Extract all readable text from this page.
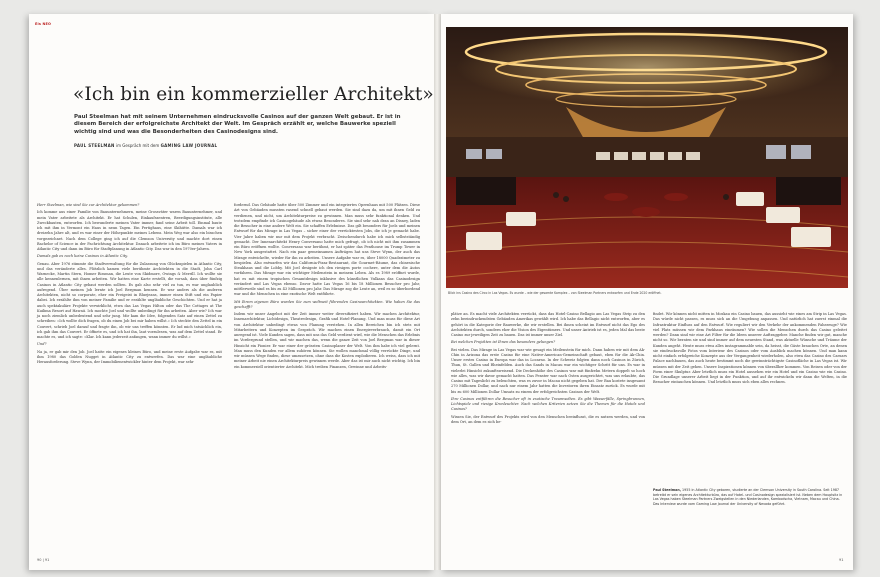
Eis NEO
«Ich bin ein kommerzieller Architekt»

Paul Steelman hat mit seinem Unternehmen eindrucksvolle Casinos auf der ganzen Welt gebaut. Er ist in diesem Bereich der erfolgreichste Architekt der Welt. Im Gespräch erzählt er, welche Bauwerke speziell wichtig sind und was die Besonderheiten des Casinodesigns sind.

PAUL STEELMAN im Gespräch mit dem GAMING LAW JOURNAL

Herr Steelman, wie sind Sie zur Architektur gekommen?

Ich komme aus einer Familie von Bauunternehmern, meine Grossväter waren Bauunternehmer, und mein Vater arbeitete als Architekt. Er hat Schulen, Einkaufszentren, Beerdigungsinstitute, alle Zweckbauten, entworfen. Ich bewunderte meinen Vater immer, fand seine Arbeit toll. Einmal baute ich mit ihm in Vermont ein Haus in neun Tagen. Ein Fertighaus, eine Skihütte. Damals war ich dreizehn Jahre alt, und es war einer der Höhepunkte meines Lebens. Mein Weg war also ein bisschen vorgezeichnet. Nach dem College ging ich auf die Clemson University und machte dort einen Bachelor of Science in der Fachrichtung Architektur. Danach arbeitete ich im Büro meines Vaters in Atlantic City und dann im Büro für Stadtplanung in Atlantic City. Das war in den 1970er-Jahren.

Damals gab es noch keine Casinos in Atlantic City.

Genau. Aber 1976 stimmte die Stadtverwaltung für die Zulassung von Glücksspielen in Atlantic City, und das veränderte alles. Plötzlich kamen viele berühmte Architekten in die Stadt, John Carl Warnecke, Martin Stern, Homer Rissman, die Leute von Skidmore, Owings & Merrill. Ich wollte sie alle kennenlernen, mit ihnen arbeiten. Wir hatten eine Karte erstellt, die vorsah, dass über fünfzig Casinos in Atlantic City gebaut werden sollten. Es gab also sehr viel zu tun, es war unglaublich aufregend. Über meinen Job lernte ich Joel Bergman kennen. Er war anders als die anderen Architekten, nicht so corporate, eher ein Freigeist in Bluejeans, immer einen Stift und ein Papier dabei. Ich erzählte ihm von meiner Familie und er erzählte ungläubliche Geschichten. Und er hat ja auch spektakuläre Projekte verwirklicht, etwa das Las Vegas Hilton oder das The Cottages at The Kuilima Resort auf Hawaii. Ich mochte Joel und wollte unbedingt für ihn arbeiten. Aber wie? Ich war ja noch ziemlich unbedeutend und sehr jung. Mir kam die Idee, folgenden Satz auf einen Zettel zu schreiben: «Ich wollte dich fragen, ob du einen Job bei mir haben willst.» Ich steckte den Zettel in ein Couvert, schrieb Joel darauf und fragte ihn, ob wir uns treffen könnten. Er lud mich tatsächlich ein, ich gab ihm das Couvert. Er öffnete es, und ich hat ihn, laut vorzulesen, was auf dem Zettel stand. Er machte es, und ich sagte: «Klar. Ich kann jederzeit anfangen, wann immer du willst.»

Und?

Na ja, er gab mir den Job. Joel hatte ein eigenes kleines Büro, und meine erste Aufgabe war es, mit ihm 1980 das Golden Nugget in Atlantic City zu entwerfen. Das war eine ungläubliche Herausforderung. Steve Wynn, der Immobilienentwickler hinter dem Projekt, war sehr

fordernd. Das Gebäude hatte über 500 Zimmer und ein integriertes Opernhaus mit 500 Plätzen. Diese Art von Gebäuden mussten rasend schnell gebaut werden. Sie sind dazu da, um mit ihnen Geld zu verdienen, und nicht, um Architekturpreise zu gewinnen. Man muss sehr funktional denken. Und trotzdem empfinde ich Casinogebäude als etwas Besonderes. Sie sind sehr nah dran an Disney, laden die Besucher in eine andere Welt ein. Sie schaffen Erlebnisse. Das gilt besonders für Joels und meinen Entwurf für das Mirage in Las Vegas – sicher einer der verrücktesten Jobs, die ich je gemacht habe. Vier Jahre haben wir nur mit dem Projekt verbracht. Zwischendurch habe ich mich selbstständig gemacht. Der Innenarchitekt Henry Conversano hatte mich gefragt, ob ich nicht mit ihm zusammen ein Büro eröffnen wollte. Conversano war berühmt, er hat später das Penthouse im Trump Tower in New York ausgestattet. Nach ein paar gemeinsamen Aufträgen hat uns Steve Wynn, der auch das Mirage entwickelte, wieder für ihn zu arbeiten. Unsere Aufgabe war es, über 18000 Quadratmeter zu bespielen. Also entwarfen wir das California-Pizza-Restaurant, die Gourmet-Räume, das chinesische Steakhaus und die Lobby. Mit Joel designte ich den riesigen porte cochere, unter dem die Autos vorfahren. Das Mirage war ein wichtiger Meilenstein in meinem Leben. Als es 1989 eröffnet wurde, hat es mit einem tropischen Gesamtdesign inklusive des künstlichen Vulkans das Casinodesign verändert und Las Vegas ebenso. Davor hatte Las Vegas 16 bis 18 Millionen Besucher pro Jahr, mittlerweile sind es bis zu 43 Millionen pro Jahr. Das Mirage zog die Leute an, weil es so überbordend war und die Menschen in eine exotische Welt entführte.

Mit Ihrem eigenen Büro wurden Sie zum weltweit führenden Casinoarchitekten. Wie haben Sie das geschafft?

Indem wir unser Angebot mit der Zeit immer weiter diversifiziert haben. Wir machen Architektur, Innenarchitektur, Lichtdesign, Theatredesign, Grafik und Hotel-Planung. Und man muss für diese Art von Architektur unbedingt etwas von Planung verstehen. In allen Bereichen bin ich stets mit Mitarbeitern und Konzepten im Gespräch. Wir machen einen Energieverbrauch, damit ein Ort anregend ist. Viele Kunden sagen, dass mit uns das Geld verdient wird, wie die Menschen das Erlebnis im Vordergrund stellen, und wir machen das, wenn die ganze Zeit von Joel Bergman war in dieser Hinsicht ein Pionier. Er war einer der grössten Casinoplaner der Welt. Von ihm habe ich viel gelernt. Man muss den Kunden vor allem zuhören können. Sie wollen manchmal völlig verrückte Dinge, und wir müssen Wege finden, diese umzusetzen, ohne dass die Kosten explodieren. Ich weiss, dass ich mit meiner Arbeit nie einen Architekturpreis gewinnen werde. Aber das ist mir auch nicht wichtig. Ich bin ein kommerziell orientierter Architekt. Mich treiben Finanzen, Gewinne und Arbeits-

90 | 91
Blick ins Casino des Circo in Las Vegas. Es wurde – wie der gesamte Komplex – von Steelman Partners entworfen und Ende 2020 eröffnet.

plätze an. Es macht viele Architekten verrückt, dass das Hotel-Casino Bellagio am Las Vegas Strip zu den zehn beeindruckendsten Gebäuden Amerikas gewählt wird. Ich habe das Bellagio nicht entworfen, aber es gehört in die Kategorie der Bauwerke, die wir erstellen. Bei ihnen scheint im Entwurf nicht das Ego des Architekten durch, sondern eher die Vision des Eigentümers. Und unser Antrieb ist es, jeden Mal das beste Casino zur jeweiligen Zeit zu bauen. Das ist immer unser Ziel.

Bei welchen Projekten ist Ihnen das besonders gelungen?

Bei vielen. Das Mirage in Las Vegas war wie gesagt ein Meilenstein für mich. Dann haben wir mit dem Ak-Chin in Arizona das erste Casino für eine Native-American-Gemeinschaft gebaut, eben für die Ak-Chin. Unser erstes Casino in Europa war das in Locarno. In der Schweiz folgten dann noch Casinos in Zürich, Thun, St. Gallen und Rheinfelden. Auch das Sands in Macau war ein wichtiger Schritt für uns. Es war in vielerlei Hinsicht zukunftsweisend. Die Deckenhöhe des Casinos war mit fünfzehn Metern doppelt so hoch wie alles, was wir davor gemacht hatten. Das Fenster war nach Osten ausgerichtet, was uns erlaubte, das Casino mit Tageslicht zu beleuchten, was es zuvor in Macau nicht gegeben hat. Der Bau kostete insgesamt 270 Millionen Dollar, und nach nur einem Jahr hatten die Investoren ihren Einsatz zurück. Es wurde mit bis zu 600 Millionen Dollar Umsatz zu einem der erfolgreichsten Casinos der Welt.

Ihre Casinos entführen die Besucher oft in exotische Traumwelten. Es gibt Wasserfälle, Springbrunnen, Lichtspiele und riesige Kronleuchter. Nach welchen Kriterien setzen Sie die Themen für die Hotels und Casinos?

Wissen Sie, der Entwurf des Projekts wird von den Menschen beeinflusst, die es nutzen werden, und von dem Ort, an dem es sich be-

findet. Wir können nicht mitten in Moskau ein Casino bauen, das aussieht wie eines am Strip in Las Vegas. Das würde nicht passen, es muss sich an die Umgebung anpassen. Und natürlich hat zuerst einmal die Infrastruktur Einfluss auf den Entwurf. Wie reguliert wir den Verkehr der ankommenden Fahrzeuge? Wie viel Platz müssen wir dem Parkhaus einräumen? Wie sollen die Menschen durch das Casino geleitet werden? Dann sind wir eine Art Filter für die Ideen unserer Auftraggeber. Manche finden wir gut, manche nicht so. Wir beraten sie und sind immer auf dem neuesten Stand, was aktuelle Wünsche und Träume der Kunden angeht. Heute muss etwa alles instagrammable sein, da heisst, die Gäste brauchen Orte, an denen sie eindrucksvolle Fotos vom Interieur des Casinos oder vom Ausblick machen können. Und man kann nicht einfach erfolgreiche Konzepte aus der Vergangenheit wiederholen, also etwa das Casino des Caesars Palace nachbauen, das auch heute bestimmt noch die gewinnträchtigste Casinofläche in Las Vegas ist. Wir müssen mit der Zeit gehen. Unsere Inspirationen können von überallher kommen. Von Reisen oder von der Form einer Skulptur. Aber letztlich muss ein Hotel aussehen wie ein Hotel und ein Casino wie ein Casino. Die Grundlage unserer Arbeit liegt in der Funktion, und auf ihr entwickeln wir dann die Welten, in die Besucher eintauchen können. Und letztlich muss sich eben alles rechnen.

Paul Steelman, 1955 in Atlantic City geboren, studierte an der Clemson University in South Carolina. Seit 1987 betreibt er sein eigenes Architekturbüro, das auf Hotel- und Casinodesign spezialisiert ist. Neben dem Hauptsitz in Las Vegas haben Steelman Partners Zweigstellen in den Niederlanden, Kambodscha, Vietnam, Macau und China. Das Interview wurde vom Gaming Law Journal der University of Nevada geführt.
91
